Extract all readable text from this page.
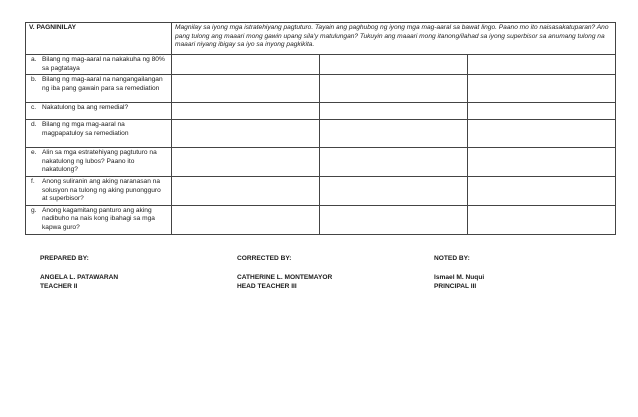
V. PAGNINILAY	Magnilay sa iyong mga istratehiyang pagtuturo. Tayain ang paghubog ng iyong mga mag-aaral sa bawat lingo. Paano mo ito naisasakatuparan? Ano pang tulong ang maaari mong gawin upang sila'y matulungan? Tukuyin ang maaari mong itanong/ilahad sa iyong superbisor sa anumang tulong na maaari niyang ibigay sa iyo sa inyong pagkikita.		

a. Bilang ng mag-aaral na nakakuha ng 80% sa pagtataya			

b. Bilang ng mag-aaral na nangangailangan ng iba pang gawain para sa remediation			

c. Nakatulong ba ang remedial?			

d. Bilang ng mga mag-aaral na magpapatuloy sa remediation			

e. Alin sa mga estratehiyang pagtuturo na nakatulong ng lubos? Paano ito nakatulong?			

f. Anong suliranin ang aking naranasan na solusyon na tulong ng aking punongguro at superbisor?			

g. Anong kagamitang panturo ang aking nadibuho na nais kong ibahagi sa mga kapwa guro?			

PREPARED BY:
ANGELA L. PATAWARAN
TEACHER II
CORRECTED BY:
CATHERINE L. MONTEMAYOR
HEAD TEACHER III
NOTED BY:
Ismael M. Nuqui
PRINCIPAL III
